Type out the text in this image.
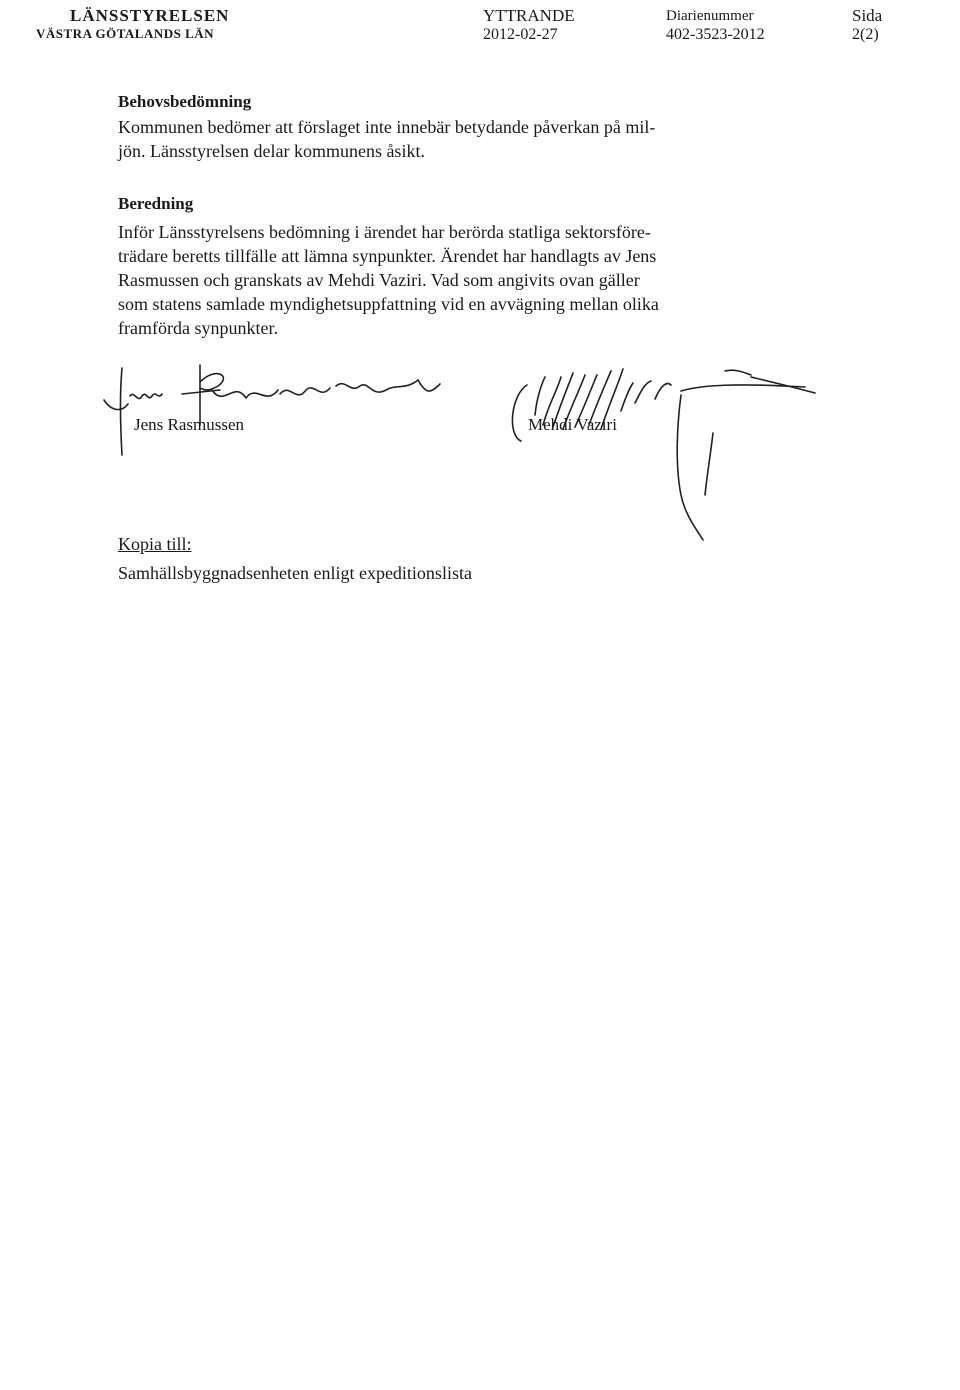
LÄNSSTYRELSEN
VÄSTRA GÖTALANDS LÄN
YTTRANDE
2012-02-27
Diarienummer
402-3523-2012
Sida
2(2)
Behovsbedömning
Kommunen bedömer att förslaget inte innebär betydande påverkan på mil-
jön. Länsstyrelsen delar kommunens åsikt.
Beredning
Inför Länsstyrelsens bedömning i ärendet har berörda statliga sektorsföre-
trädare beretts tillfälle att lämna synpunkter. Ärendet har handlagts av Jens
Rasmussen och granskats av Mehdi Vaziri. Vad som angivits ovan gäller
som statens samlade myndighetsuppfattning vid en avvägning mellan olika
framförda synpunkter.
Jens Rasmussen	Mehdi Vaziri
Kopia till:
Samhällsbyggnadsenheten enligt expeditionslista
